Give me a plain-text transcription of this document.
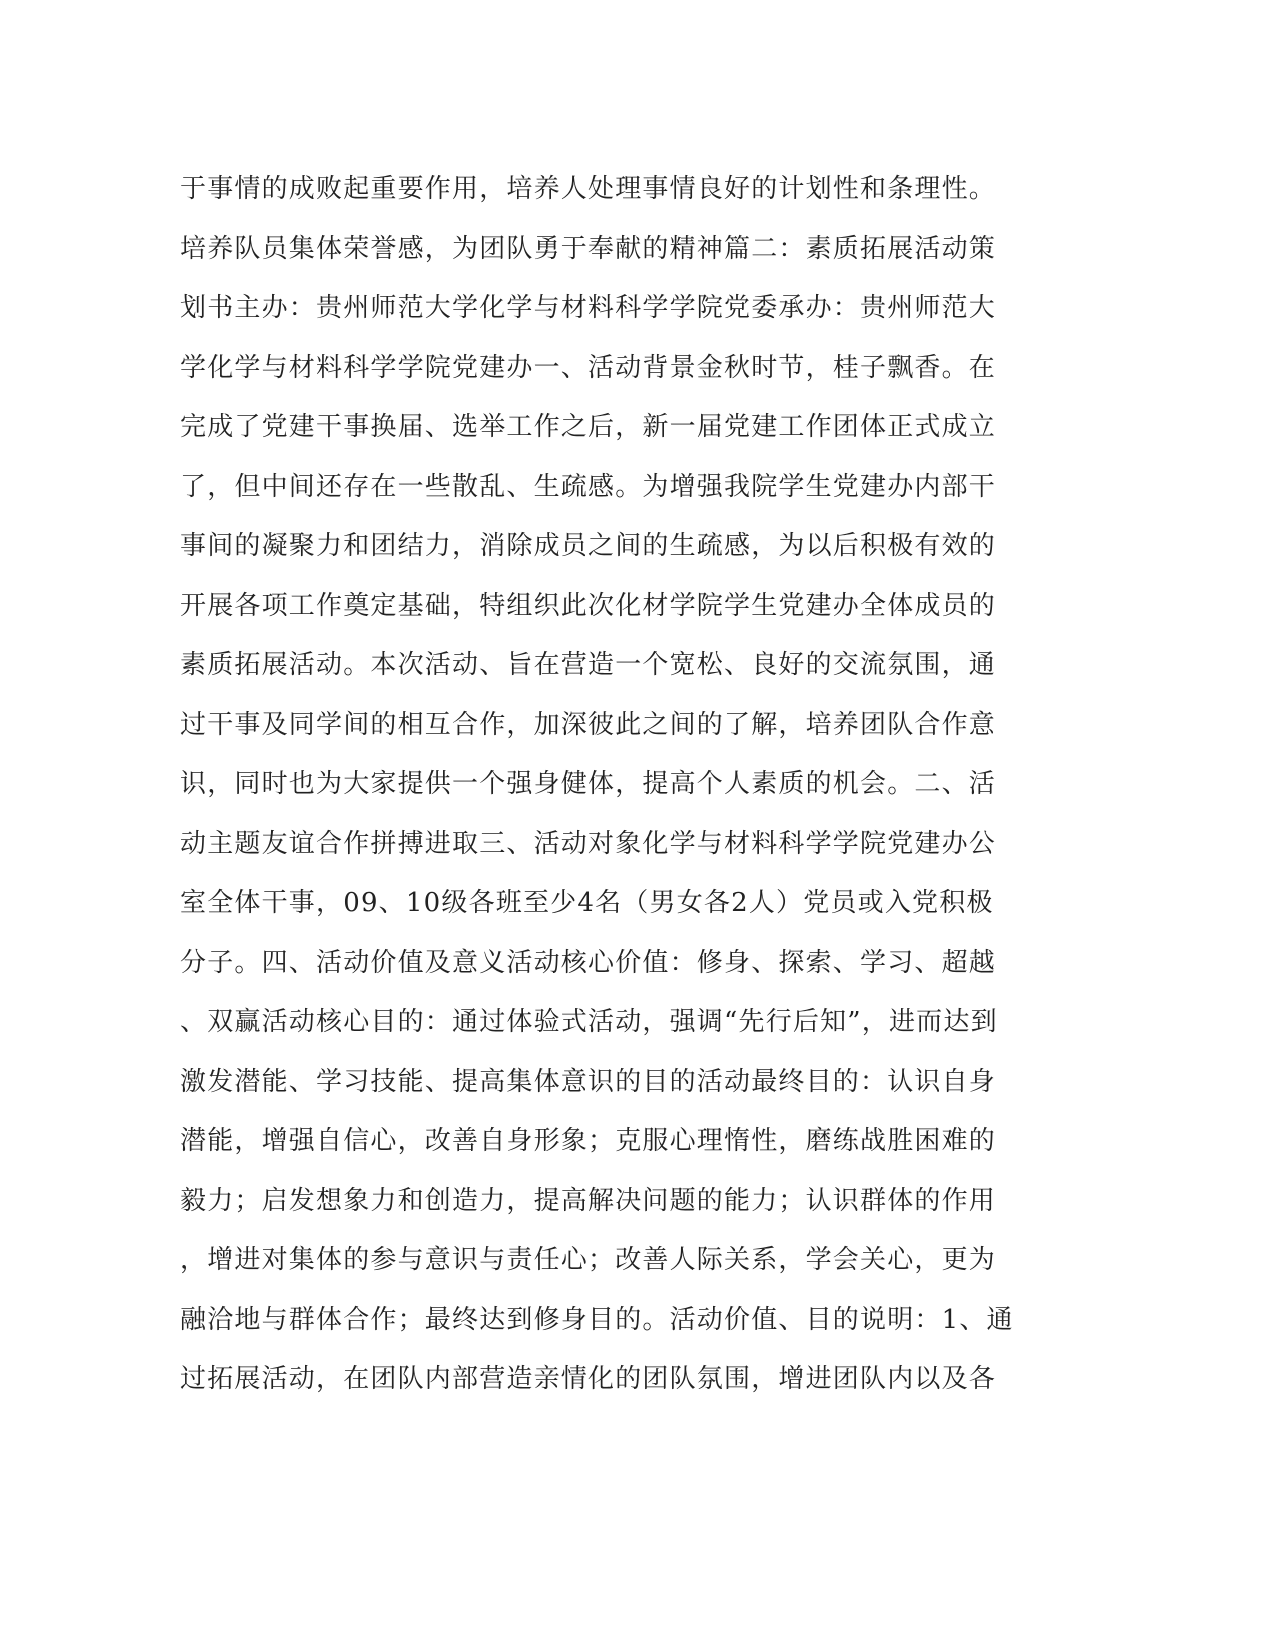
于事情的成败起重要作用，培养人处理事情良好的计划性和条理性。
培养队员集体荣誉感，为团队勇于奉献的精神篇二：素质拓展活动策
划书主办：贵州师范大学化学与材料科学学院党委承办：贵州师范大
学化学与材料科学学院党建办一、活动背景金秋时节，桂子飘香。在
完成了党建干事换届、选举工作之后，新一届党建工作团体正式成立
了，但中间还存在一些散乱、生疏感。为增强我院学生党建办内部干
事间的凝聚力和团结力，消除成员之间的生疏感，为以后积极有效的
开展各项工作奠定基础，特组织此次化材学院学生党建办全体成员的
素质拓展活动。本次活动、旨在营造一个宽松、良好的交流氛围，通
过干事及同学间的相互合作，加深彼此之间的了解，培养团队合作意
识，同时也为大家提供一个强身健体，提高个人素质的机会。二、活
动主题友谊合作拼搏进取三、活动对象化学与材料科学学院党建办公
室全体干事，09、10级各班至少4名（男女各2人）党员或入党积极
分子。四、活动价值及意义活动核心价值：修身、探索、学习、超越
、双赢活动核心目的：通过体验式活动，强调“先行后知”，进而达到
激发潜能、学习技能、提高集体意识的目的活动最终目的：认识自身
潜能，增强自信心，改善自身形象；克服心理惰性，磨练战胜困难的
毅力；启发想象力和创造力，提高解决问题的能力；认识群体的作用
，增进对集体的参与意识与责任心；改善人际关系，学会关心，更为
融洽地与群体合作；最终达到修身目的。活动价值、目的说明：1、通
过拓展活动，在团队内部营造亲情化的团队氛围，增进团队内以及各
